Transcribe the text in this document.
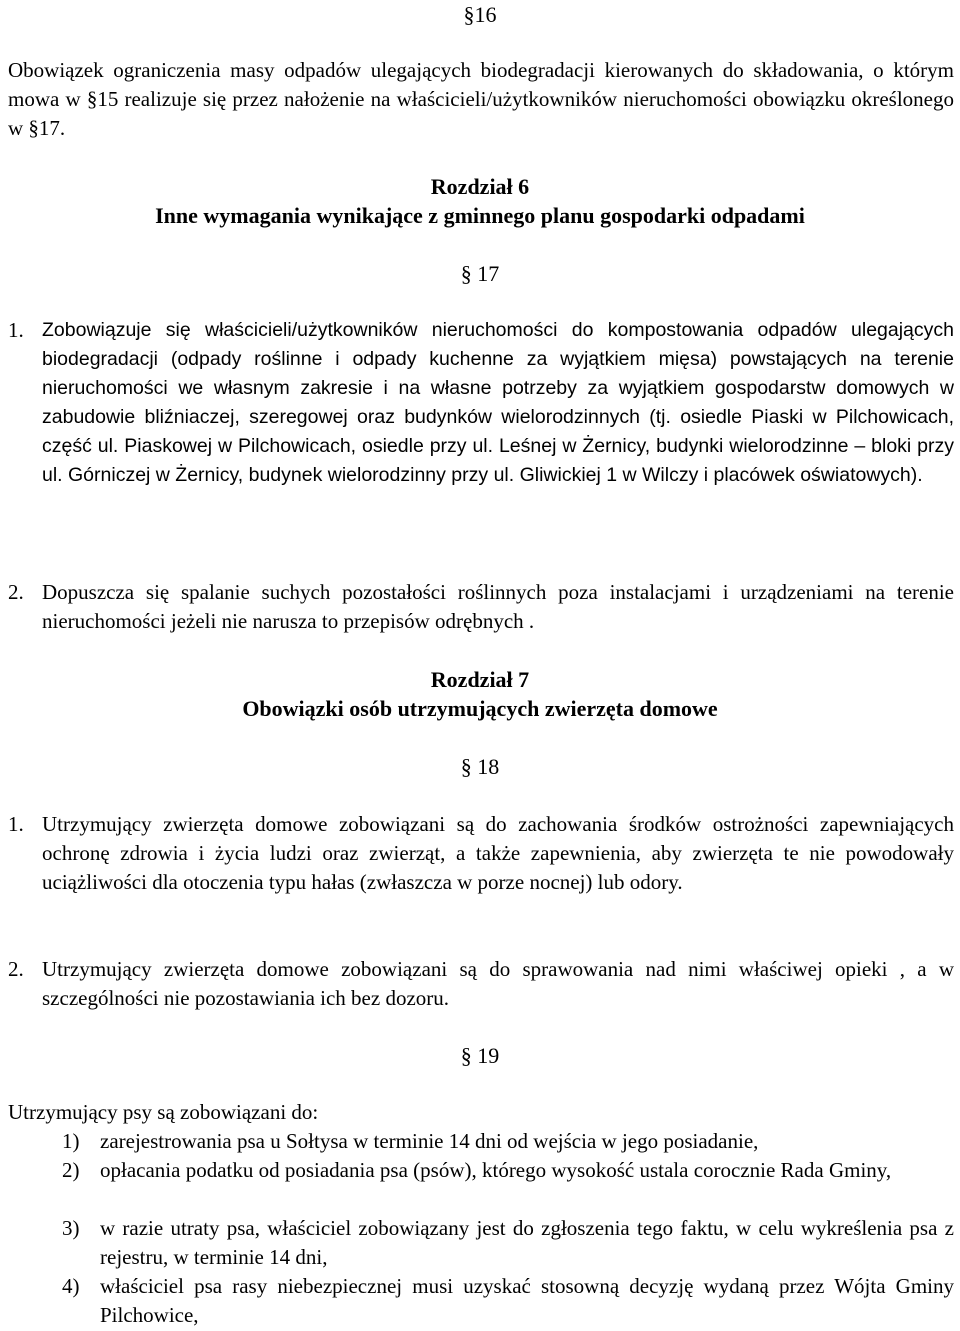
§16
Obowiązek ograniczenia masy odpadów ulegających biodegradacji kierowanych do składowania, o którym mowa w §15 realizuje się przez nałożenie na właścicieli/użytkowników nieruchomości obowiązku określonego w §17.
Rozdział 6
Inne wymagania wynikające z gminnego planu gospodarki odpadami
§ 17
1. Zobowiązuje się właścicieli/użytkowników nieruchomości do kompostowania odpadów ulegających biodegradacji (odpady roślinne i odpady kuchenne za wyjątkiem mięsa) powstających na terenie nieruchomości we własnym zakresie i na własne potrzeby za wyjątkiem gospodarstw domowych w zabudowie bliźniaczej, szeregowej oraz budynków wielorodzinnych (tj. osiedle Piaski w Pilchowicach, część ul. Piaskowej w Pilchowicach, osiedle przy ul. Leśnej w Żernicy, budynki wielorodzinne – bloki przy ul. Górniczej w Żernicy, budynek wielorodzinny przy ul. Gliwickiej 1 w Wilczy i placówek oświatowych).
2. Dopuszcza się spalanie suchych pozostałości roślinnych poza instalacjami i urządzeniami na terenie nieruchomości jeżeli nie narusza to przepisów odrębnych .
Rozdział 7
Obowiązki osób utrzymujących zwierzęta domowe
§ 18
1. Utrzymujący zwierzęta domowe zobowiązani są do zachowania środków ostrożności zapewniających ochronę zdrowia i życia ludzi oraz zwierząt, a także zapewnienia, aby zwierzęta te nie powodowały uciążliwości dla otoczenia typu hałas (zwłaszcza w porze nocnej) lub odory.
2. Utrzymujący zwierzęta domowe zobowiązani są do sprawowania nad nimi właściwej opieki , a w szczególności nie pozostawiania ich bez dozoru.
§ 19
Utrzymujący psy są zobowiązani do:
1) zarejestrowania psa u Sołtysa w terminie 14 dni od wejścia w jego posiadanie,
2) opłacania podatku od posiadania psa (psów), którego wysokość ustala corocznie Rada Gminy,
3) w razie utraty psa, właściciel zobowiązany jest do zgłoszenia tego faktu, w celu wykreślenia psa z rejestru, w terminie 14 dni,
4) właściciel psa rasy niebezpiecznej musi uzyskać stosowną decyzję wydaną przez Wójta Gminy Pilchowice,
